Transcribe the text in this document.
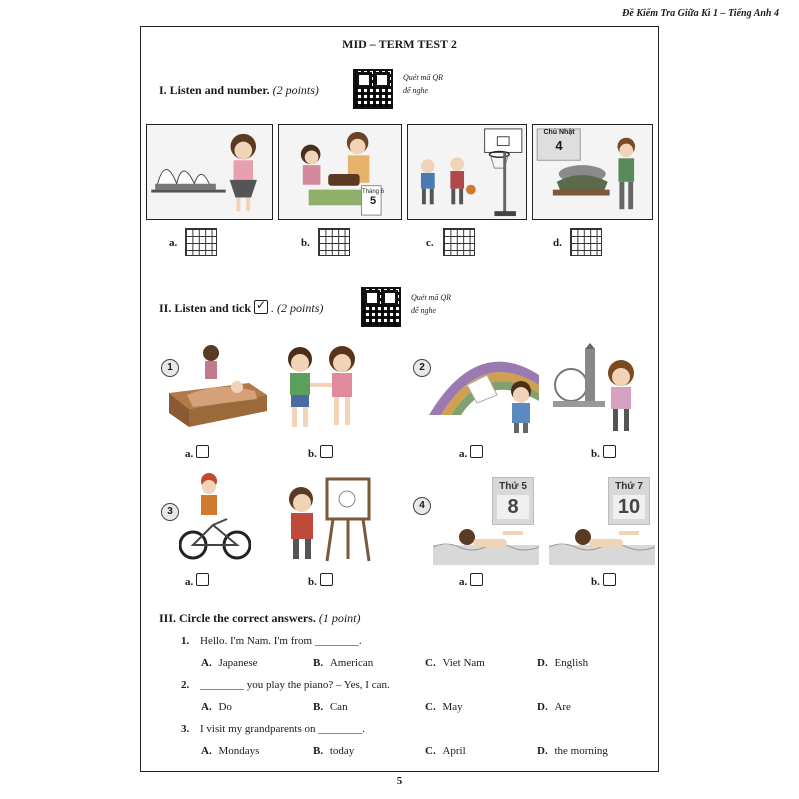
Đề Kiểm Tra Giữa Kì 1 – Tiếng Anh 4
MID – TERM TEST 2
I. Listen and number. (2 points)
Quét mã QR
để nghe
Tháng 6
5
Chủ Nhật
4
a.	b.	c.	d.
II. Listen and tick ✓ . (2 points)
Quét mã QR
để nghe
1
a.	b.
2
a.	b.
3
a.	b.
4
Thứ 5
8
Thứ 7
10
a.	b.
III. Circle the correct answers. (1 point)
1. Hello. I'm Nam. I'm from ________.
A. Japanese	B. American	C. Viet Nam	D. English
2. ________ you play the piano? – Yes, I can.
A. Do	B. Can	C. May	D. Are
3. I visit my grandparents on ________.
A. Mondays	B. today	C. April	D. the morning
5
